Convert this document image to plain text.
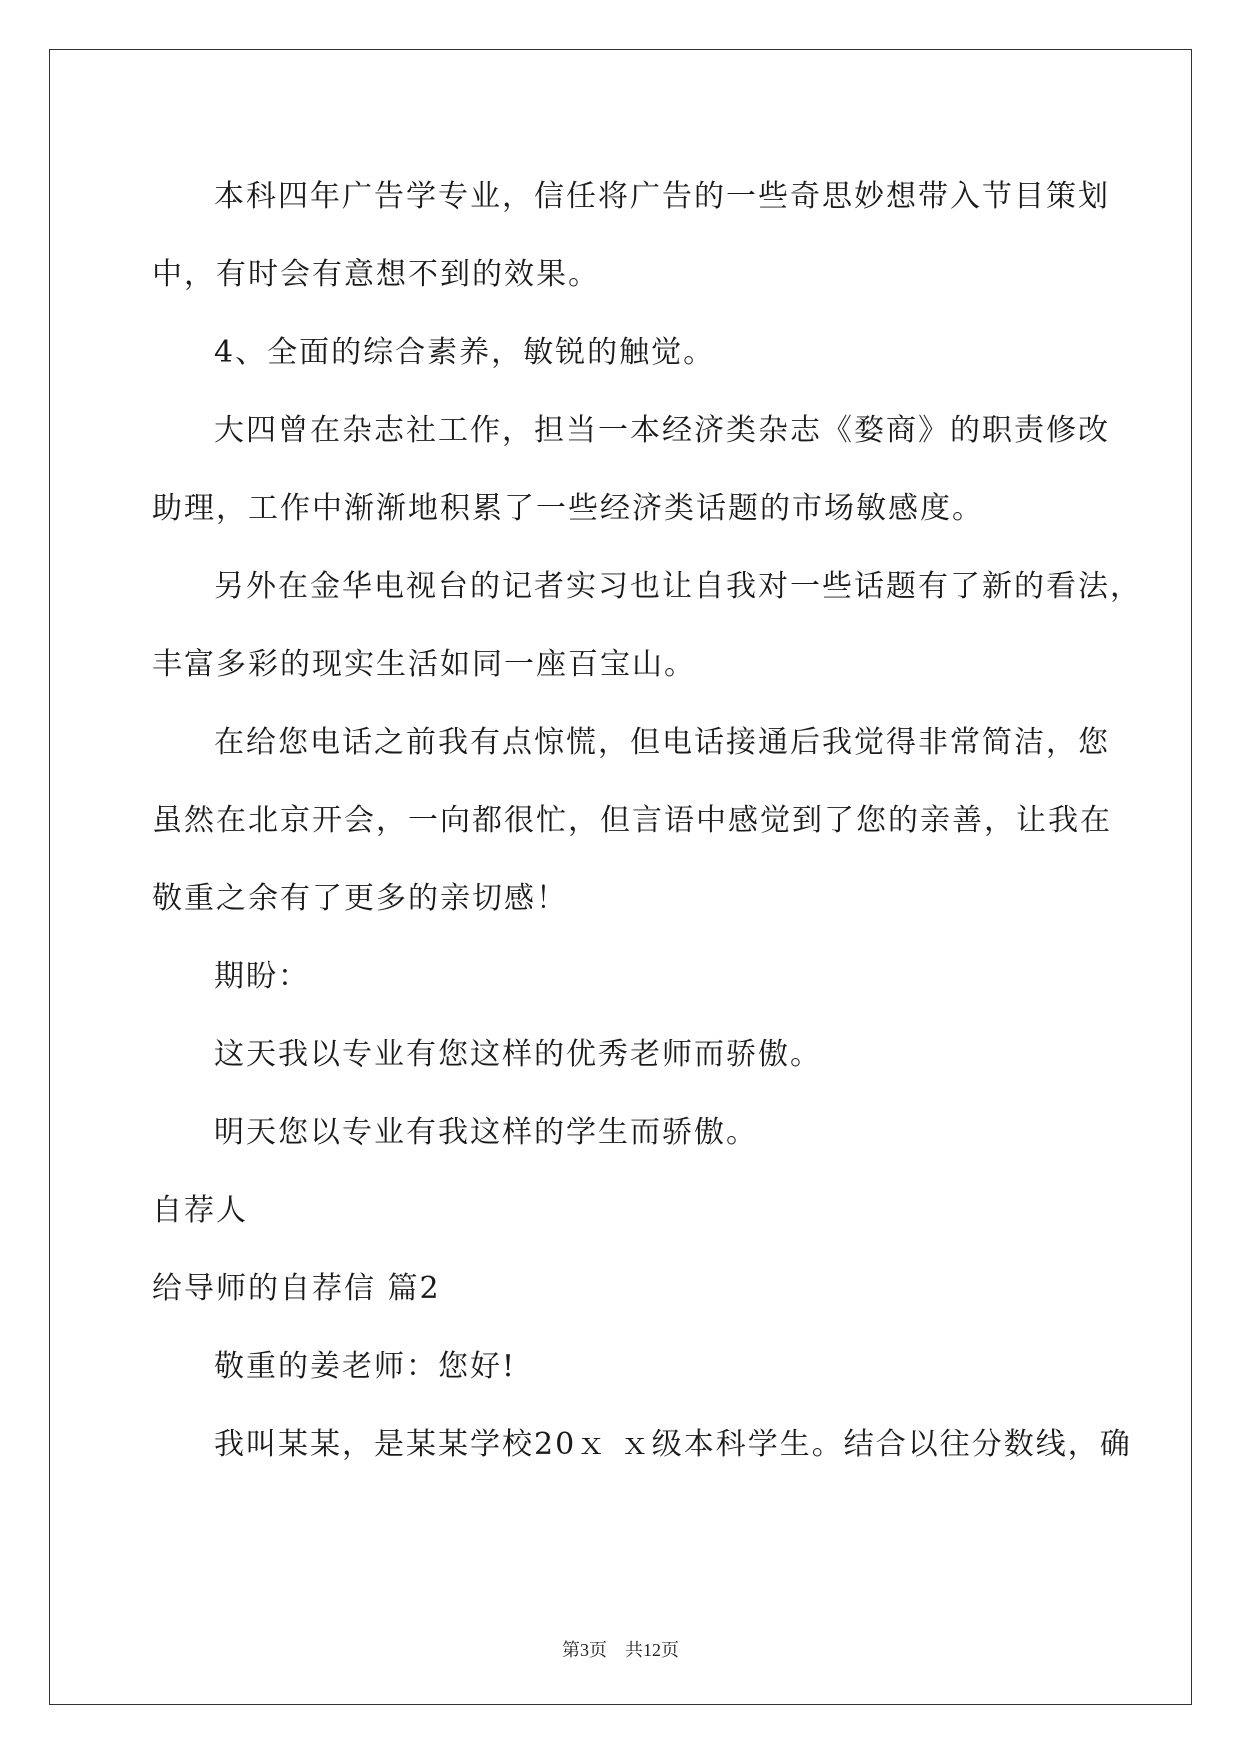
本科四年广告学专业，信任将广告的一些奇思妙想带入节目策划

中，有时会有意想不到的效果。

4、全面的综合素养，敏锐的触觉。

大四曾在杂志社工作，担当一本经济类杂志《婺商》的职责修改

助理，工作中渐渐地积累了一些经济类话题的市场敏感度。

另外在金华电视台的记者实习也让自我对一些话题有了新的看法，

丰富多彩的现实生活如同一座百宝山。

在给您电话之前我有点惊慌，但电话接通后我觉得非常简洁，您

虽然在北京开会，一向都很忙，但言语中感觉到了您的亲善，让我在

敬重之余有了更多的亲切感！

期盼：

这天我以专业有您这样的优秀老师而骄傲。

明天您以专业有我这样的学生而骄傲。

自荐人

给导师的自荐信 篇2

敬重的姜老师：您好!

我叫某某，是某某学校20ｘ ｘ级本科学生。结合以往分数线，确

第3页　共12页
